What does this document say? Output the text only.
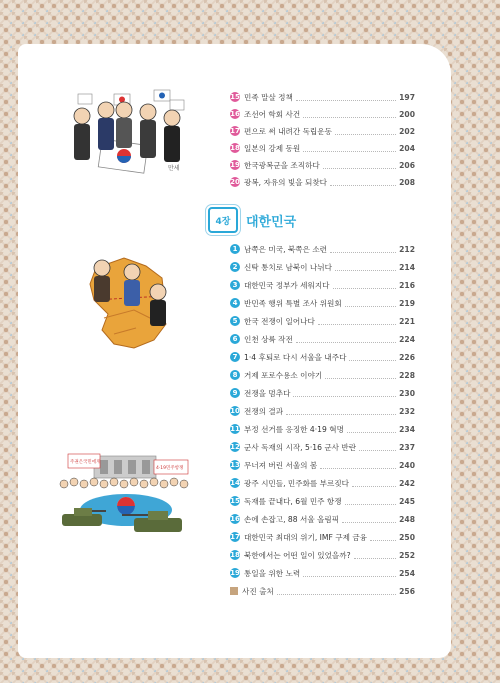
만세
주권은국민에게
4·19민주항쟁
15 민족 말살 정책	197
16 조선어 학회 사건	200
17 편으로 써 내려간 독립운동	202
18 일본의 강제 동원	204
19 한국광복군을 조직하다	206
20 광복, 자유의 빛을 되찾다	208
4장	대한민국
1 남쪽은 미국, 북쪽은 소련	212
2 신탁 통치로 남북이 나뉘다	214
3 대한민국 정부가 세워지다	216
4 반민족 행위 특별 조사 위원회	219
5 한국 전쟁이 일어나다	221
6 인천 상륙 작전	224
7 1·4 후퇴로 다시 서울을 내주다	226
8 거제 포로수용소 이야기	228
9 전쟁을 멈추다	230
10 전쟁의 결과	232
11 부정 선거를 응징한 4·19 혁명	234
12 군사 독재의 시작, 5·16 군사 반란	237
13 무너져 버린 서울의 봄	240
14 광주 시민들, 민주화를 부르짖다	242
15 독재를 끝내다, 6월 민주 항쟁	245
16 손에 손잡고, 88 서울 올림픽	248
17 대한민국 최대의 위기, IMF 구제 금융	250
18 북한에서는 어떤 일이 있었을까?	252
19 통일을 위한 노력	254
사진 출처	256
